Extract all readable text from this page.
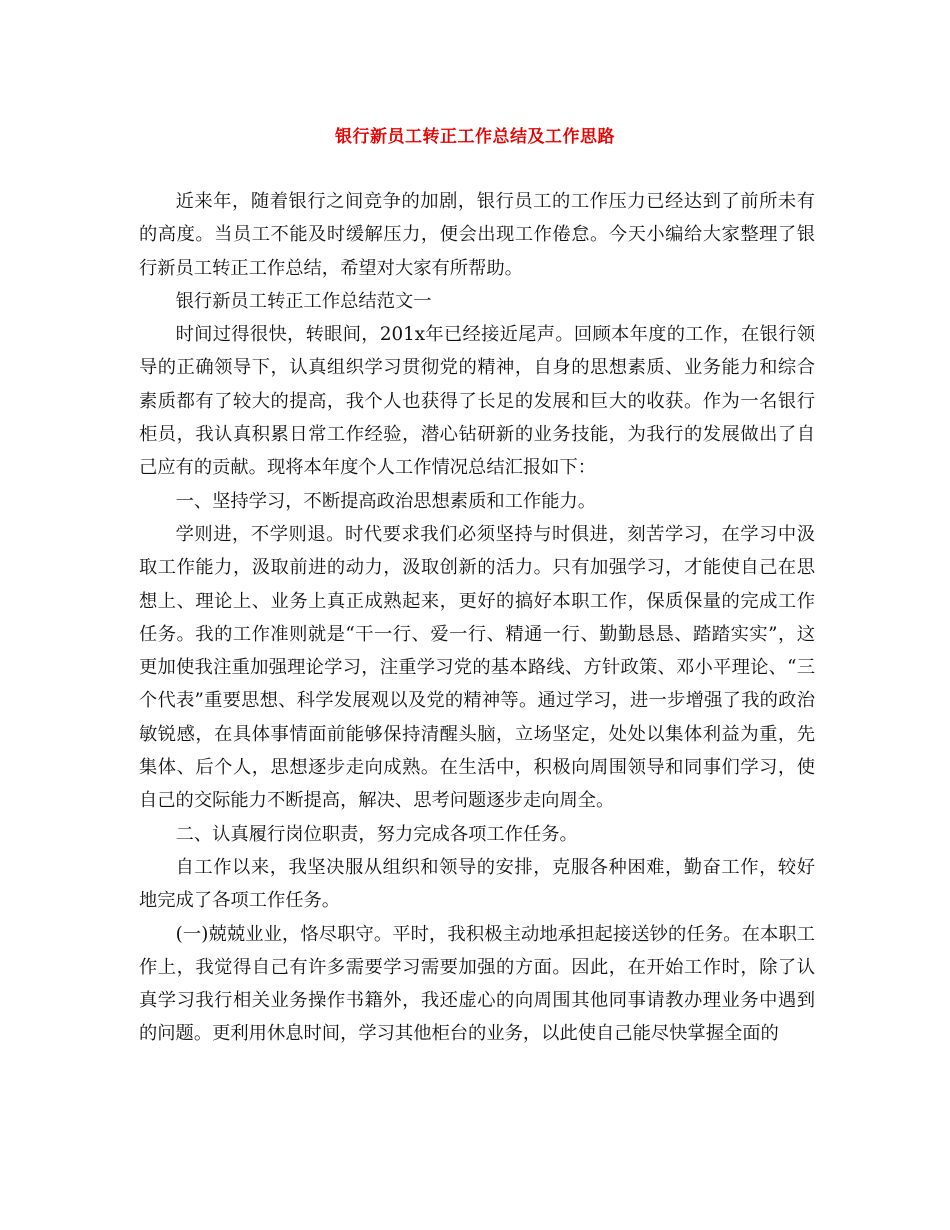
银行新员工转正工作总结及工作思路

近来年，随着银行之间竞争的加剧，银行员工的工作压力已经达到了前所未有的高度。当员工不能及时缓解压力，便会出现工作倦怠。今天小编给大家整理了银行新员工转正工作总结，希望对大家有所帮助。

银行新员工转正工作总结范文一

时间过得很快，转眼间，201x年已经接近尾声。回顾本年度的工作，在银行领导的正确领导下，认真组织学习贯彻党的精神，自身的思想素质、业务能力和综合素质都有了较大的提高，我个人也获得了长足的发展和巨大的收获。作为一名银行柜员，我认真积累日常工作经验，潜心钻研新的业务技能，为我行的发展做出了自己应有的贡献。现将本年度个人工作情况总结汇报如下：

一、坚持学习，不断提高政治思想素质和工作能力。

学则进，不学则退。时代要求我们必须坚持与时俱进，刻苦学习，在学习中汲取工作能力，汲取前进的动力，汲取创新的活力。只有加强学习，才能使自己在思想上、理论上、业务上真正成熟起来，更好的搞好本职工作，保质保量的完成工作任务。我的工作准则就是“干一行、爱一行、精通一行、勤勤恳恳、踏踏实实”，这更加使我注重加强理论学习，注重学习党的基本路线、方针政策、邓小平理论、“三个代表”重要思想、科学发展观以及党的精神等。通过学习，进一步增强了我的政治敏锐感，在具体事情面前能够保持清醒头脑，立场坚定，处处以集体利益为重，先集体、后个人，思想逐步走向成熟。在生活中，积极向周围领导和同事们学习，使自己的交际能力不断提高，解决、思考问题逐步走向周全。

二、认真履行岗位职责，努力完成各项工作任务。

自工作以来，我坚决服从组织和领导的安排，克服各种困难，勤奋工作，较好地完成了各项工作任务。

(一)兢兢业业，恪尽职守。平时，我积极主动地承担起接送钞的任务。在本职工作上，我觉得自己有许多需要学习需要加强的方面。因此，在开始工作时，除了认真学习我行相关业务操作书籍外，我还虚心的向周围其他同事请教办理业务中遇到的问题。更利用休息时间，学习其他柜台的业务，以此使自己能尽快掌握全面的
